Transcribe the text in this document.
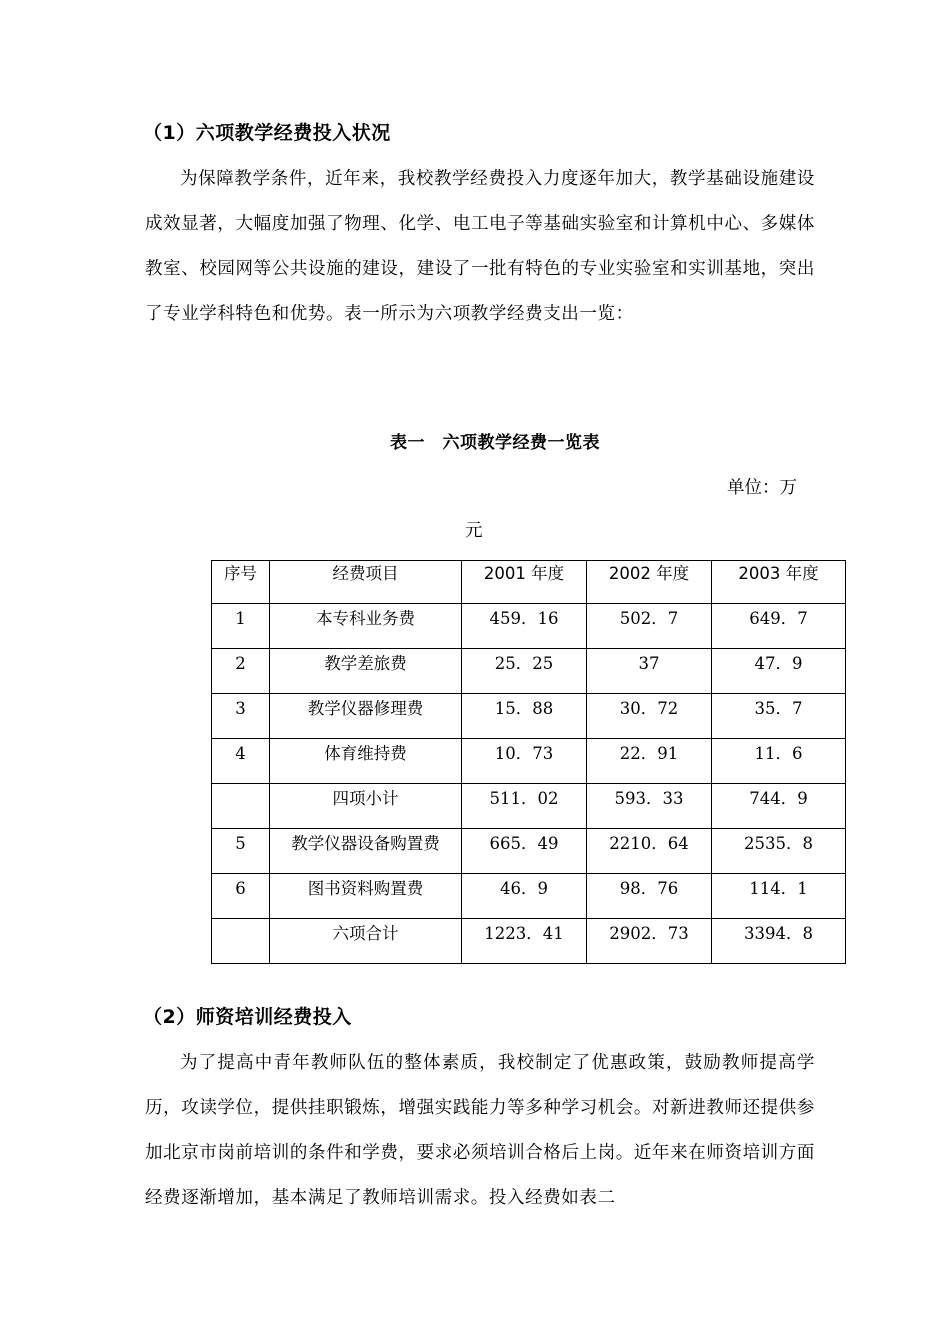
（1）六项教学经费投入状况

为保障教学条件，近年来，我校教学经费投入力度逐年加大，教学基础设施建设成效显著，大幅度加强了物理、化学、电工电子等基础实验室和计算机中心、多媒体教室、校园网等公共设施的建设，建设了一批有特色的专业实验室和实训基地，突出了专业学科特色和优势。表一所示为六项教学经费支出一览：

表一　六项教学经费一览表
单位：万
元
序号	经费项目	2001 年度	2002 年度	2003 年度
1	本专科业务费	459．16	502．7	649．7
2	教学差旅费	25．25	37	47．9
3	教学仪器修理费	15．88	30．72	35．7
4	体育维持费	10．73	22．91	11．6
	四项小计	511．02	593．33	744．9
5	教学仪器设备购置费	665．49	2210．64	2535．8
6	图书资料购置费	46．9	98．76	114．1
	六项合计	1223．41	2902．73	3394．8
（2）师资培训经费投入

为了提高中青年教师队伍的整体素质，我校制定了优惠政策，鼓励教师提高学历，攻读学位，提供挂职锻炼，增强实践能力等多种学习机会。对新进教师还提供参加北京市岗前培训的条件和学费，要求必须培训合格后上岗。近年来在师资培训方面经费逐渐增加，基本满足了教师培训需求。投入经费如表二
